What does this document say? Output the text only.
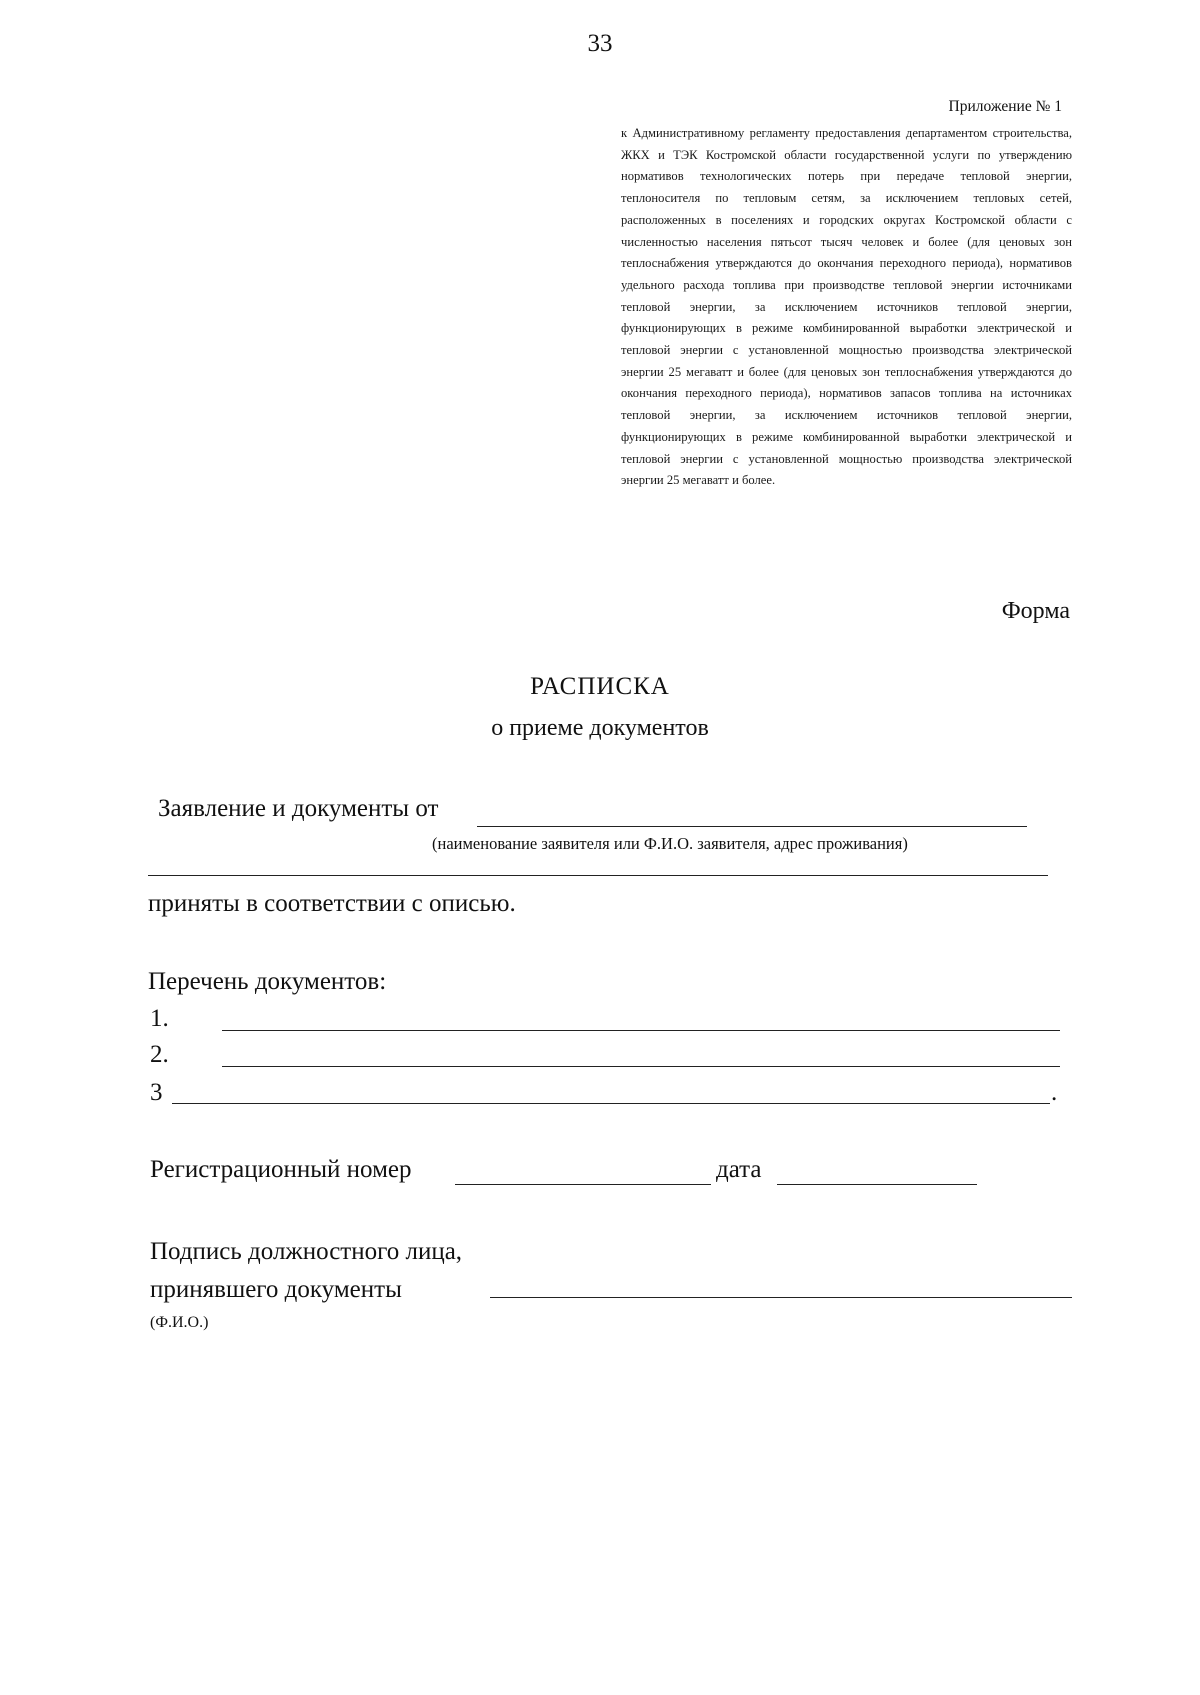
33
Приложение № 1
к Административному регламенту предоставления департаментом строительства, ЖКХ и ТЭК Костромской области государственной услуги по утверждению нормативов технологических потерь при передаче тепловой энергии, теплоносителя по тепловым сетям, за исключением тепловых сетей, расположенных в поселениях и городских округах Костромской области с численностью населения пятьсот тысяч человек и более (для ценовых зон теплоснабжения утверждаются до окончания переходного периода), нормативов удельного расхода топлива при производстве тепловой энергии источниками тепловой энергии, за исключением источников тепловой энергии, функционирующих в режиме комбинированной выработки электрической и тепловой энергии с установленной мощностью производства электрической энергии 25 мегаватт и более (для ценовых зон теплоснабжения утверждаются до окончания переходного периода), нормативов запасов топлива на источниках тепловой энергии, за исключением источников тепловой энергии, функционирующих в режиме комбинированной выработки электрической и тепловой энергии с установленной мощностью производства электрической энергии 25 мегаватт и более.
Форма
РАСПИСКА
о приеме документов
Заявление и документы от
(наименование заявителя или Ф.И.О. заявителя, адрес проживания)
приняты в соответствии с описью.
Перечень документов:
1.
2.
3	.
Регистрационный номер	дата
Подпись должностного лица,
принявшего документы
(Ф.И.О.)
